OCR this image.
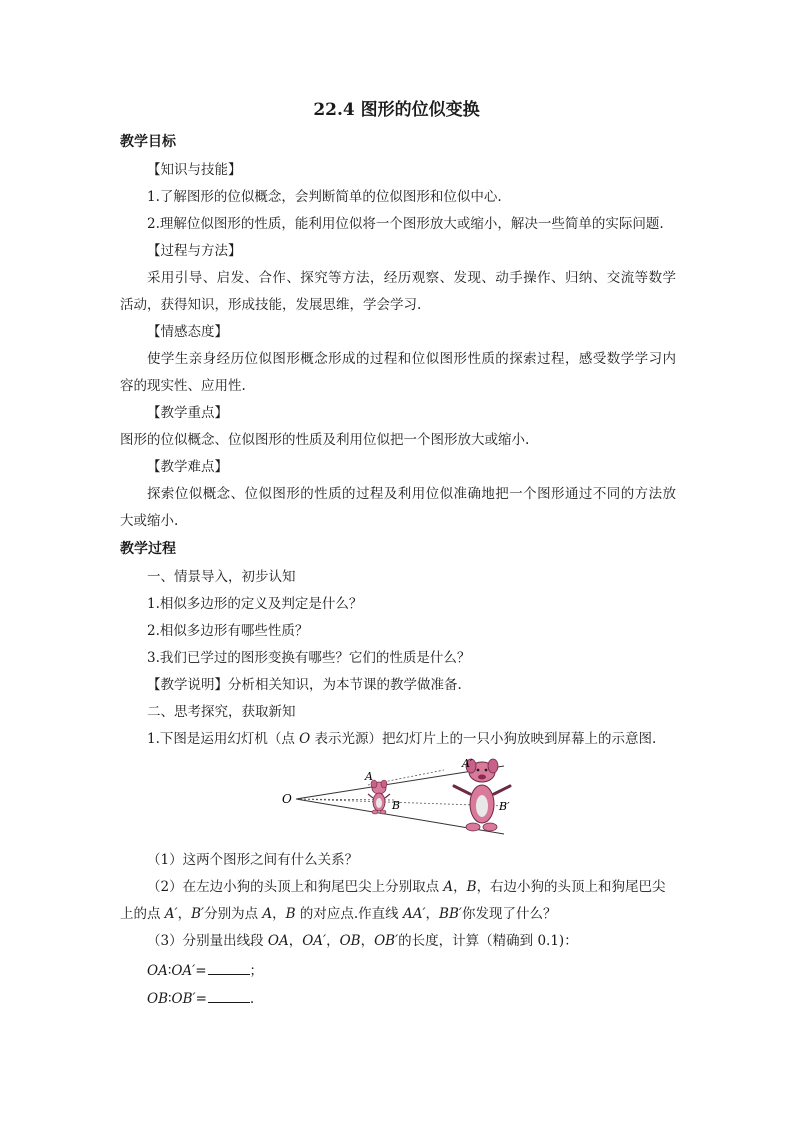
22.4 图形的位似变换
教学目标
【知识与技能】
1.了解图形的位似概念，会判断简单的位似图形和位似中心.
2.理解位似图形的性质，能利用位似将一个图形放大或缩小，解决一些简单的实际问题.
【过程与方法】
采用引导、启发、合作、探究等方法，经历观察、发现、动手操作、归纳、交流等数学
活动，获得知识，形成技能，发展思维，学会学习.
【情感态度】
使学生亲身经历位似图形概念形成的过程和位似图形性质的探索过程，感受数学学习内
容的现实性、应用性.
【教学重点】
图形的位似概念、位似图形的性质及利用位似把一个图形放大或缩小.
【教学难点】
探索位似概念、位似图形的性质的过程及利用位似准确地把一个图形通过不同的方法放
大或缩小.
教学过程
一、情景导入，初步认知
1.相似多边形的定义及判定是什么？
2.相似多边形有哪些性质？
3.我们已学过的图形变换有哪些？它们的性质是什么？
【教学说明】分析相关知识，为本节课的教学做准备.
二、思考探究，获取新知
1.下图是运用幻灯机（点 O 表示光源）把幻灯片上的一只小狗放映到屏幕上的示意图.
O
A
B
A′
B′
（1）这两个图形之间有什么关系？
（2）在左边小狗的头顶上和狗尾巴尖上分别取点 A，B，右边小狗的头顶上和狗尾巴尖
上的点 A′，B′分别为点 A，B 的对应点.作直线 AA′，BB′你发现了什么？
（3）分别量出线段 OA，OA′，OB，OB′的长度，计算（精确到 0.1)：
OA∶OA′=	；
OB∶OB′=	.
